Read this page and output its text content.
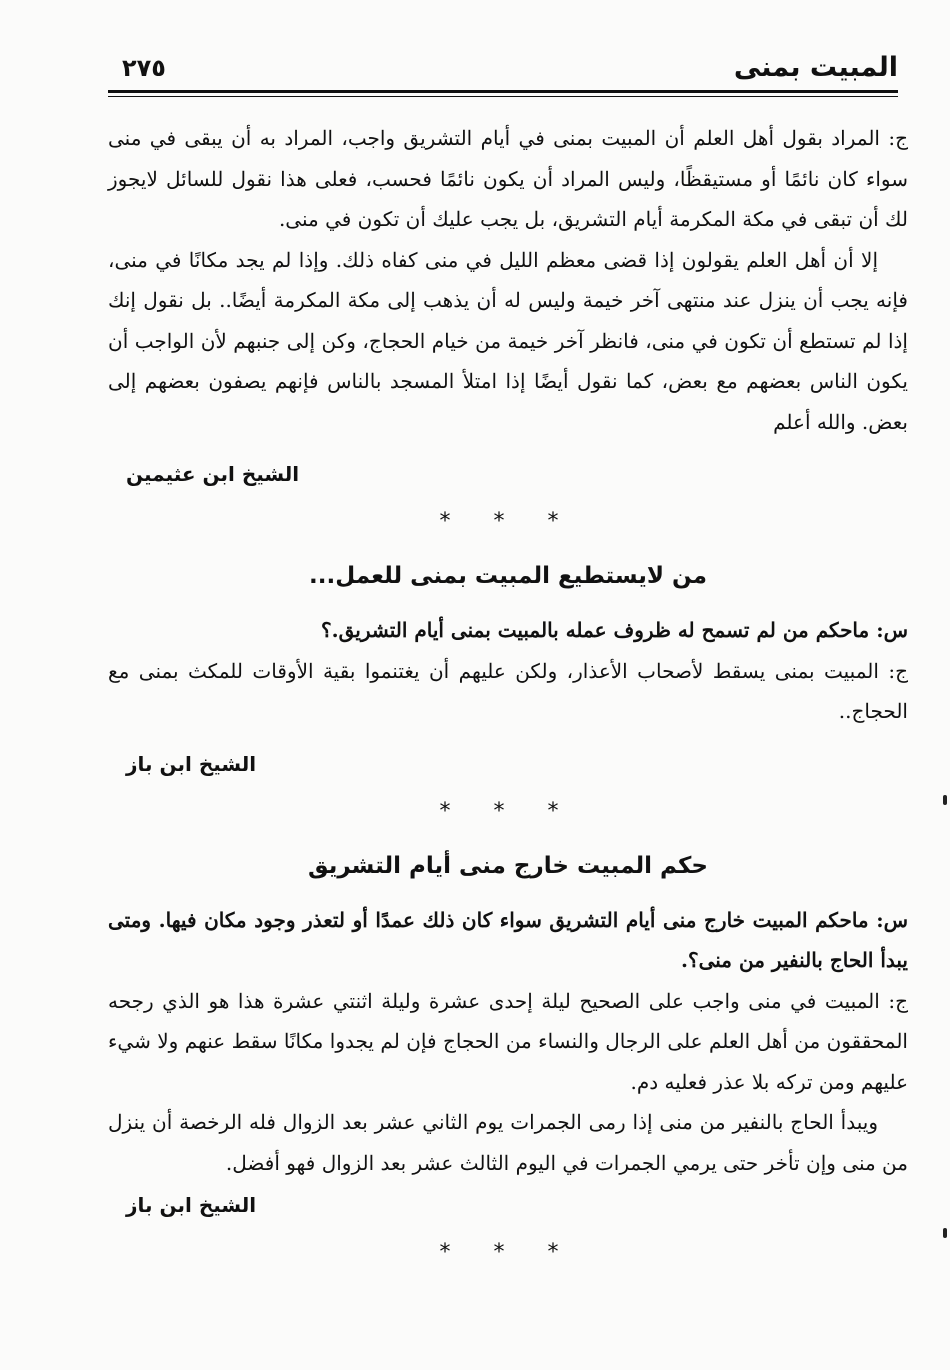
المبيت بمنى
٢٧٥

ج: المراد بقول أهل العلم أن المبيت بمنى في أيام التشريق واجب، المراد به أن يبقى في منى سواء كان نائمًا أو مستيقظًا، وليس المراد أن يكون نائمًا فحسب، فعلى هذا نقول للسائل لايجوز لك أن تبقى في مكة المكرمة أيام التشريق، بل يجب عليك أن تكون في منى.

إلا أن أهل العلم يقولون إذا قضى معظم الليل في منى كفاه ذلك. وإذا لم يجد مكانًا في منى، فإنه يجب أن ينزل عند منتهى آخر خيمة وليس له أن يذهب إلى مكة المكرمة أيضًا.. بل نقول إنك إذا لم تستطع أن تكون في منى، فانظر آخر خيمة من خيام الحجاج، وكن إلى جنبهم لأن الواجب أن يكون الناس بعضهم مع بعض، كما نقول أيضًا إذا امتلأ المسجد بالناس فإنهم يصفون بعضهم إلى بعض. والله أعلم

الشيخ ابن عثيمين
* * *
من لايستطيع المبيت بمنى للعمل...

س: ماحكم من لم تسمح له ظروف عمله بالمبيت بمنى أيام التشريق.؟

ج: المبيت بمنى يسقط لأصحاب الأعذار، ولكن عليهم أن يغتنموا بقية الأوقات للمكث بمنى مع الحجاج..

الشيخ ابن باز
* * *
حكم المبيت خارج منى أيام التشريق

س: ماحكم المبيت خارج منى أيام التشريق سواء كان ذلك عمدًا أو لتعذر وجود مكان فيها. ومتى يبدأ الحاج بالنفير من منى؟.

ج: المبيت في منى واجب على الصحيح ليلة إحدى عشرة وليلة اثنتي عشرة هذا هو الذي رجحه المحققون من أهل العلم على الرجال والنساء من الحجاج فإن لم يجدوا مكانًا سقط عنهم ولا شيء عليهم ومن تركه بلا عذر فعليه دم.

ويبدأ الحاج بالنفير من منى إذا رمى الجمرات يوم الثاني عشر بعد الزوال فله الرخصة أن ينزل من منى وإن تأخر حتى يرمي الجمرات في اليوم الثالث عشر بعد الزوال فهو أفضل.

الشيخ ابن باز
* * *
